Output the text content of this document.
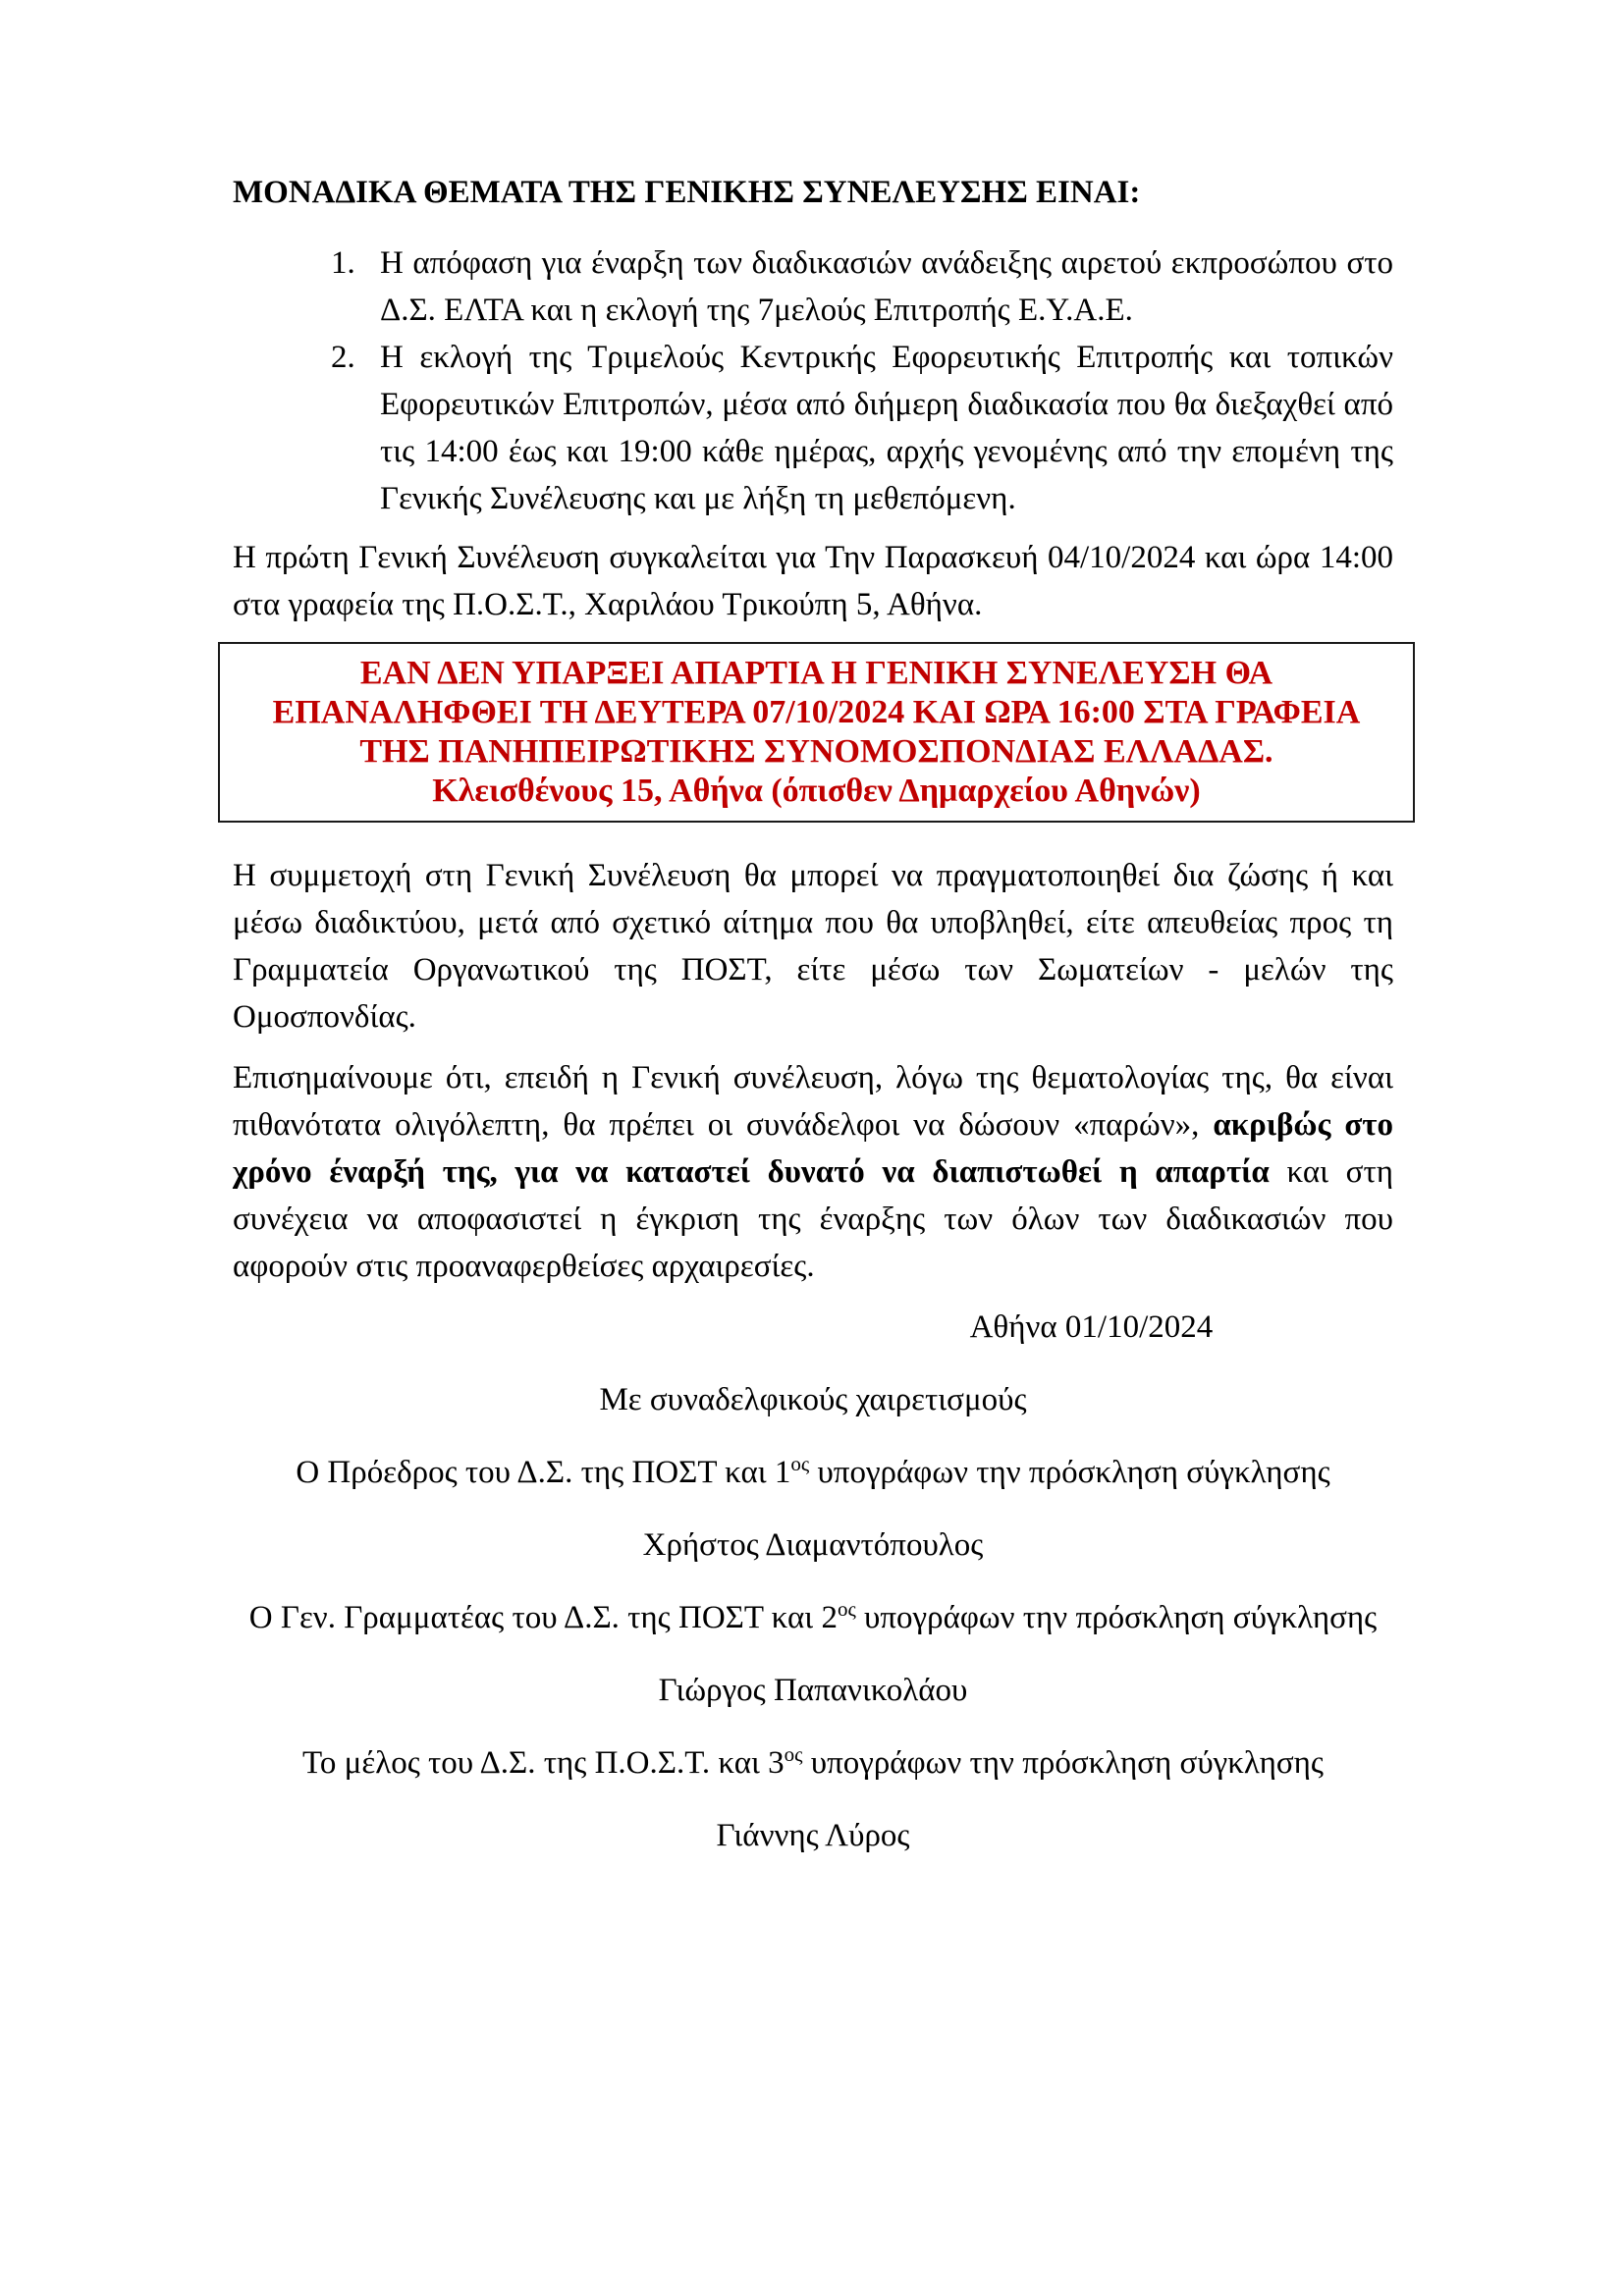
ΜΟΝΑΔΙΚΑ ΘΕΜΑΤΑ ΤΗΣ ΓΕΝΙΚΗΣ ΣΥΝΕΛΕΥΣΗΣ ΕΙΝΑΙ:
1. Η απόφαση για έναρξη των διαδικασιών ανάδειξης αιρετού εκπροσώπου στο Δ.Σ. ΕΛΤΑ και η εκλογή της 7μελούς Επιτροπής Ε.Υ.Α.Ε.
2. Η εκλογή της Τριμελούς Κεντρικής Εφορευτικής Επιτροπής και τοπικών Εφορευτικών Επιτροπών, μέσα από διήμερη διαδικασία που θα διεξαχθεί από τις 14:00 έως και 19:00 κάθε ημέρας, αρχής γενομένης από την επομένη της Γενικής Συνέλευσης και με λήξη τη μεθεπόμενη.

Η πρώτη Γενική Συνέλευση συγκαλείται για Την Παρασκευή 04/10/2024 και ώρα 14:00 στα γραφεία της Π.Ο.Σ.Τ., Χαριλάου Τρικούπη 5, Αθήνα.

ΕΑΝ ΔΕΝ ΥΠΑΡΞΕΙ ΑΠΑΡΤΙΑ Η ΓΕΝΙΚΗ ΣΥΝΕΛΕΥΣΗ ΘΑ
ΕΠΑΝΑΛΗΦΘΕΙ ΤΗ ΔΕΥΤΕΡΑ 07/10/2024 ΚΑΙ ΩΡΑ 16:00 ΣΤΑ ΓΡΑΦΕΙΑ
ΤΗΣ ΠΑΝΗΠΕΙΡΩΤΙΚΗΣ ΣΥΝΟΜΟΣΠΟΝΔΙΑΣ ΕΛΛΑΔΑΣ.
Κλεισθένους 15, Αθήνα (όπισθεν Δημαρχείου Αθηνών)

Η συμμετοχή στη Γενική Συνέλευση θα μπορεί να πραγματοποιηθεί δια ζώσης ή και μέσω διαδικτύου, μετά από σχετικό αίτημα που θα υποβληθεί, είτε απευθείας προς τη Γραμματεία Οργανωτικού της ΠΟΣΤ, είτε μέσω των Σωματείων - μελών της Ομοσπονδίας.

Επισημαίνουμε ότι, επειδή η Γενική συνέλευση, λόγω της θεματολογίας της, θα είναι πιθανότατα ολιγόλεπτη, θα πρέπει οι συνάδελφοι να δώσουν «παρών», ακριβώς στο χρόνο έναρξή της, για να καταστεί δυνατό να διαπιστωθεί η απαρτία και στη συνέχεια να αποφασιστεί η έγκριση της έναρξης των όλων των διαδικασιών που αφορούν στις προαναφερθείσες αρχαιρεσίες.

Αθήνα 01/10/2024
Με συναδελφικούς χαιρετισμούς
Ο Πρόεδρος του Δ.Σ. της ΠΟΣΤ και $1^{o\varsigma}$ υπογράφων την πρόσκληση σύγκλησης
Χρήστος Διαμαντόπουλος
Ο Γεν. Γραμματέας του Δ.Σ. της ΠΟΣΤ και $2^{o\varsigma}$ υπογράφων την πρόσκληση σύγκλησης
Γιώργος Παπανικολάου
Το μέλος του Δ.Σ. της Π.Ο.Σ.Τ. και $3^{o\varsigma}$ υπογράφων την πρόσκληση σύγκλησης
Γιάννης Λύρος
